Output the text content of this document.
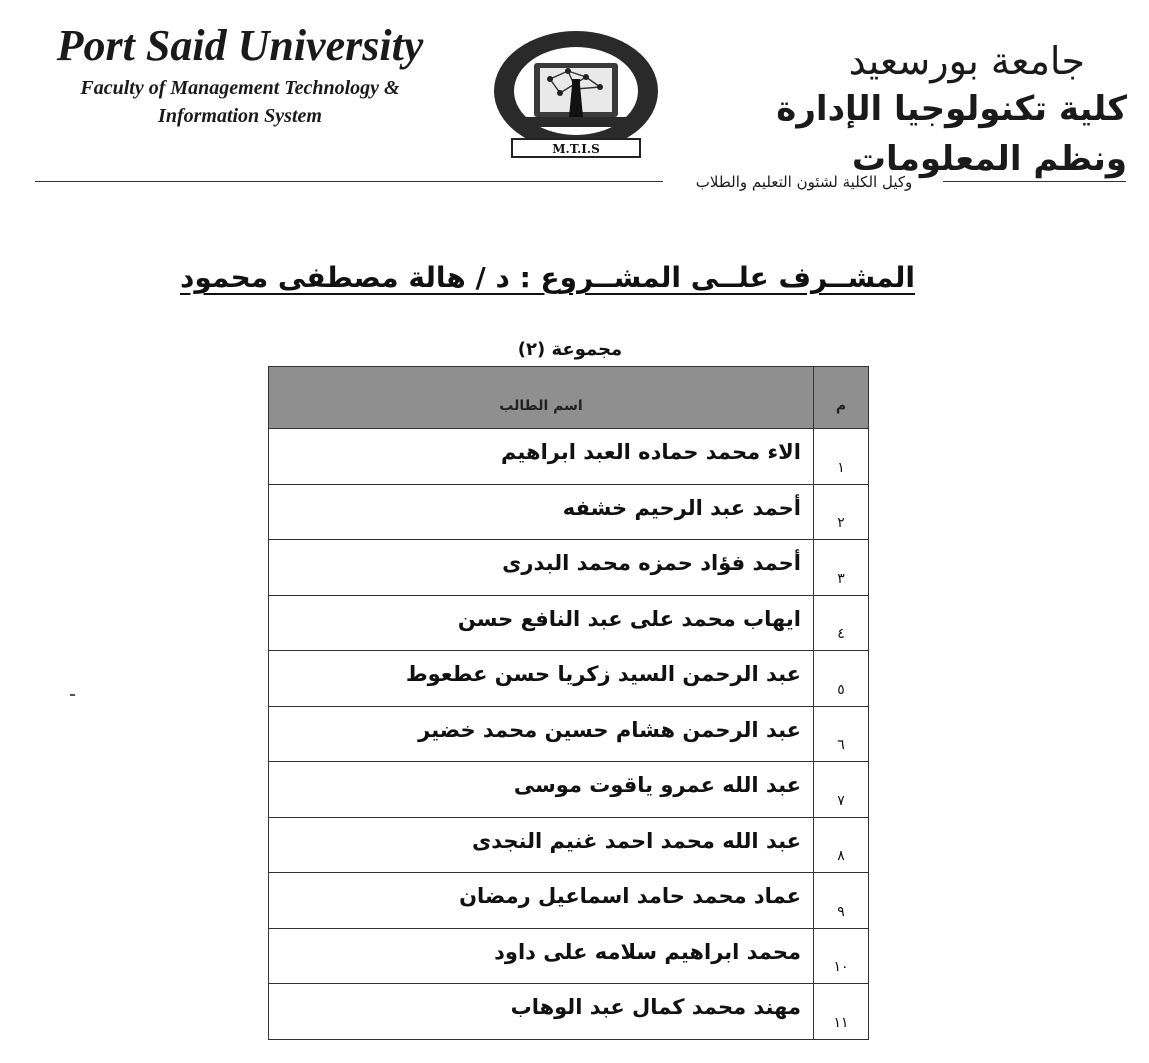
Port Said University
Faculty of Management Technology &
Information System
M.T.I.S
جامعة بورسعيد
كلية تكنولوجيا الإدارة ونظم المعلومات
وكيل الكلية لشئون التعليم والطلاب
المشــرف علــى المشــروع : د / هالة مصطفى محمود
مجموعة (٢)
م	اسم الطالب
١	الاء محمد حماده العبد ابراهيم
٢	أحمد عبد الرحيم خشفه
٣	أحمد فؤاد حمزه محمد البدرى
٤	ايهاب محمد على عبد النافع حسن
٥	عبد الرحمن السيد زكريا حسن عطعوط
٦	عبد الرحمن هشام حسين محمد خضير
٧	عبد الله عمرو ياقوت موسى
٨	عبد الله محمد احمد غنيم النجدى
٩	عماد محمد حامد اسماعيل رمضان
١٠	محمد ابراهيم سلامه على داود
١١	مهند محمد كمال عبد الوهاب
